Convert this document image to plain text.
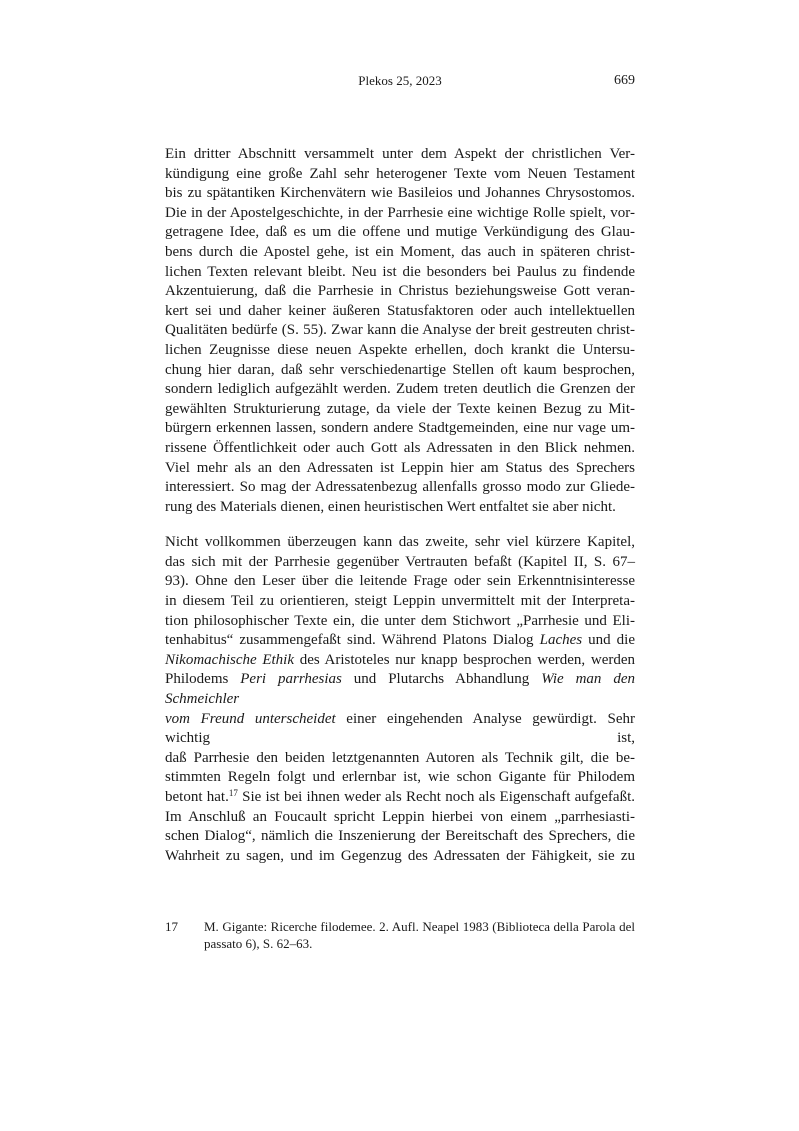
Plekos 25, 2023	669
Ein dritter Abschnitt versammelt unter dem Aspekt der christlichen Ver-
kündigung eine große Zahl sehr heterogener Texte vom Neuen Testament
bis zu spätantiken Kirchenvätern wie Basileios und Johannes Chrysostomos.
Die in der Apostelgeschichte, in der Parrhesie eine wichtige Rolle spielt, vor-
getragene Idee, daß es um die offene und mutige Verkündigung des Glau-
bens durch die Apostel gehe, ist ein Moment, das auch in späteren christ-
lichen Texten relevant bleibt. Neu ist die besonders bei Paulus zu findende
Akzentuierung, daß die Parrhesie in Christus beziehungsweise Gott veran-
kert sei und daher keiner äußeren Statusfaktoren oder auch intellektuellen
Qualitäten bedürfe (S. 55). Zwar kann die Analyse der breit gestreuten christ-
lichen Zeugnisse diese neuen Aspekte erhellen, doch krankt die Untersu-
chung hier daran, daß sehr verschiedenartige Stellen oft kaum besprochen,
sondern lediglich aufgezählt werden. Zudem treten deutlich die Grenzen der
gewählten Strukturierung zutage, da viele der Texte keinen Bezug zu Mit-
bürgern erkennen lassen, sondern andere Stadtgemeinden, eine nur vage um-
rissene Öffentlichkeit oder auch Gott als Adressaten in den Blick nehmen.
Viel mehr als an den Adressaten ist Leppin hier am Status des Sprechers
interessiert. So mag der Adressatenbezug allenfalls grosso modo zur Gliede-
rung des Materials dienen, einen heuristischen Wert entfaltet sie aber nicht.
Nicht vollkommen überzeugen kann das zweite, sehr viel kürzere Kapitel,
das sich mit der Parrhesie gegenüber Vertrauten befaßt (Kapitel II, S. 67–
93). Ohne den Leser über die leitende Frage oder sein Erkenntnisinteresse
in diesem Teil zu orientieren, steigt Leppin unvermittelt mit der Interpreta-
tion philosophischer Texte ein, die unter dem Stichwort „Parrhesie und Eli-
tenhabitus“ zusammengefaßt sind. Während Platons Dialog Laches und die
Nikomachische Ethik des Aristoteles nur knapp besprochen werden, werden
Philodems Peri parrhesias und Plutarchs Abhandlung Wie man den Schmeichler
vom Freund unterscheidet einer eingehenden Analyse gewürdigt. Sehr wichtig ist,
daß Parrhesie den beiden letztgenannten Autoren als Technik gilt, die be-
stimmten Regeln folgt und erlernbar ist, wie schon Gigante für Philodem
betont hat.$^{17}$ Sie ist bei ihnen weder als Recht noch als Eigenschaft aufgefaßt.
Im Anschluß an Foucault spricht Leppin hierbei von einem „parrhesiasti-
schen Dialog“, nämlich die Inszenierung der Bereitschaft des Sprechers, die
Wahrheit zu sagen, und im Gegenzug des Adressaten der Fähigkeit, sie zu
17 M. Gigante: Ricerche filodemee. 2. Aufl. Neapel 1983 (Biblioteca della Parola del
passato 6), S. 62–63.
